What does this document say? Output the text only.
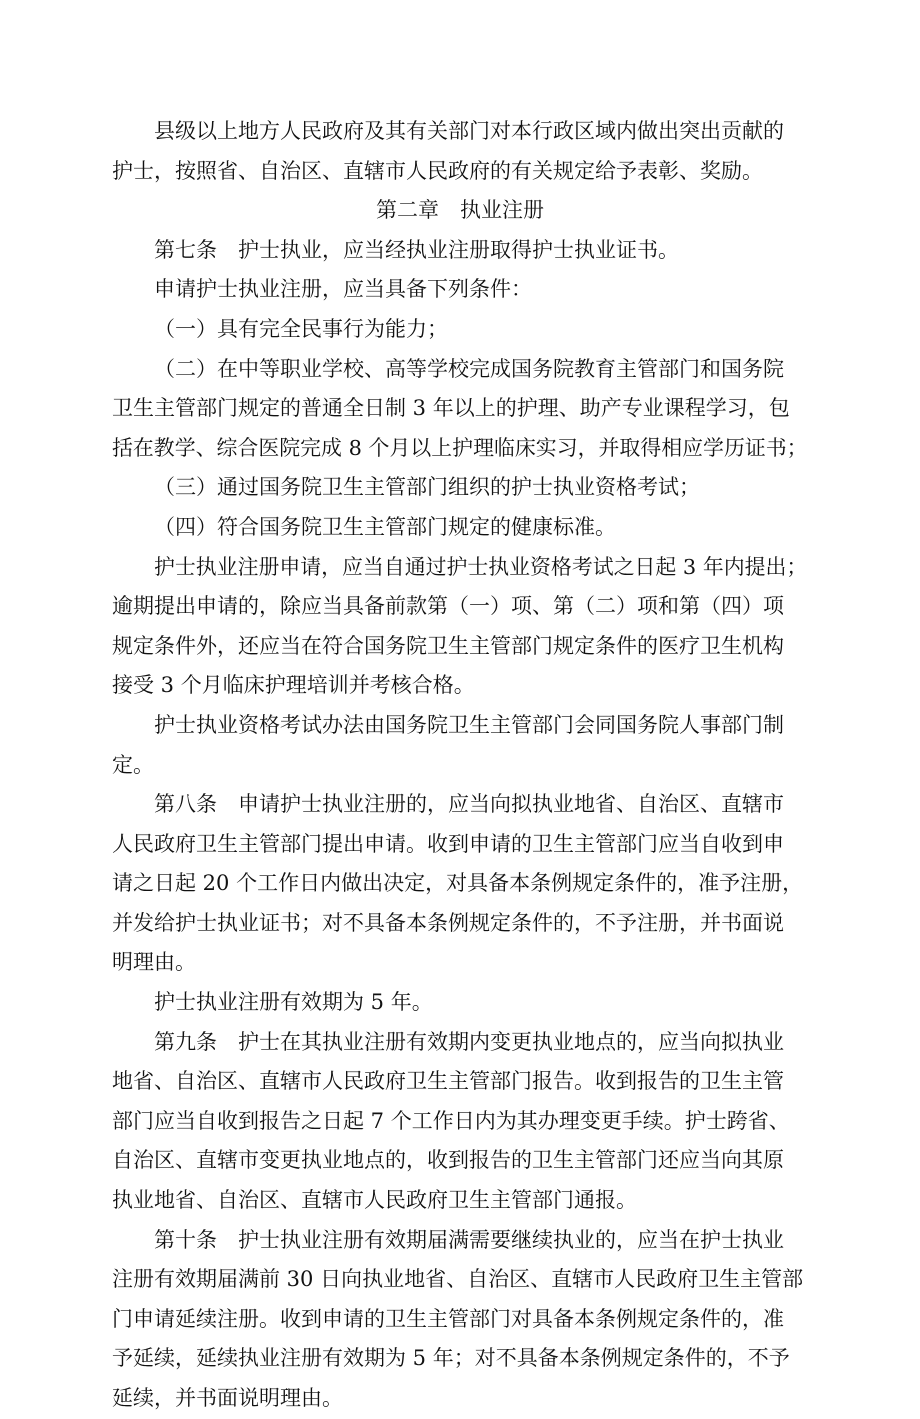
县级以上地方人民政府及其有关部门对本行政区域内做出突出贡献的
护士，按照省、自治区、直辖市人民政府的有关规定给予表彰、奖励。
第二章　执业注册
第七条　护士执业，应当经执业注册取得护士执业证书。
申请护士执业注册，应当具备下列条件：
（一）具有完全民事行为能力；
（二）在中等职业学校、高等学校完成国务院教育主管部门和国务院
卫生主管部门规定的普通全日制 3 年以上的护理、助产专业课程学习，包
括在教学、综合医院完成 8 个月以上护理临床实习，并取得相应学历证书；
（三）通过国务院卫生主管部门组织的护士执业资格考试；
（四）符合国务院卫生主管部门规定的健康标准。
护士执业注册申请，应当自通过护士执业资格考试之日起 3 年内提出；
逾期提出申请的，除应当具备前款第（一）项、第（二）项和第（四）项
规定条件外，还应当在符合国务院卫生主管部门规定条件的医疗卫生机构
接受 3 个月临床护理培训并考核合格。
护士执业资格考试办法由国务院卫生主管部门会同国务院人事部门制
定。
第八条　申请护士执业注册的，应当向拟执业地省、自治区、直辖市
人民政府卫生主管部门提出申请。收到申请的卫生主管部门应当自收到申
请之日起 20 个工作日内做出决定，对具备本条例规定条件的，准予注册，
并发给护士执业证书；对不具备本条例规定条件的，不予注册，并书面说
明理由。
护士执业注册有效期为 5 年。
第九条　护士在其执业注册有效期内变更执业地点的，应当向拟执业
地省、自治区、直辖市人民政府卫生主管部门报告。收到报告的卫生主管
部门应当自收到报告之日起 7 个工作日内为其办理变更手续。护士跨省、
自治区、直辖市变更执业地点的，收到报告的卫生主管部门还应当向其原
执业地省、自治区、直辖市人民政府卫生主管部门通报。
第十条　护士执业注册有效期届满需要继续执业的，应当在护士执业
注册有效期届满前 30 日向执业地省、自治区、直辖市人民政府卫生主管部
门申请延续注册。收到申请的卫生主管部门对具备本条例规定条件的，准
予延续，延续执业注册有效期为 5 年；对不具备本条例规定条件的，不予
延续，并书面说明理由。
